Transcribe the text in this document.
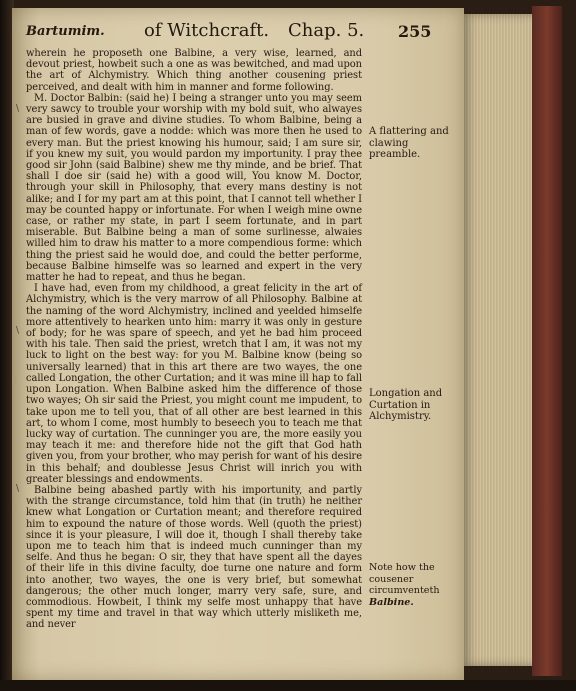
Bartumim. of Witchcraft. Chap. 5. 255
\
\
\

wherein he proposeth one Balbine, a very wise, learned, and devout priest, howbeit such a one as was bewitched, and mad upon the art of Alchymistry. Which thing another cousening priest perceived, and dealt with him in manner and forme following.

M. Doctor Balbin: (said he) I being a stranger unto you may seem very sawcy to trouble your worship with my bold suit, who alwayes are busied in grave and divine studies. To whom Balbine, being a man of few words, gave a nodde: which was more then he used to every man. But the priest knowing his humour, said; I am sure sir, if you knew my suit, you would pardon my importunity. I pray thee good sir John (said Balbine) shew me thy minde, and be brief. That shall I doe sir (said he) with a good will, You know M. Doctor, through your skill in Philosophy, that every mans destiny is not alike; and I for my part am at this point, that I cannot tell whether I may be counted happy or infortunate. For when I weigh mine owne case, or rather my state, in part I seem fortunate, and in part miserable. But Balbine being a man of some surlinesse, alwaies willed him to draw his matter to a more compendious forme: which thing the priest said he would doe, and could the better performe, because Balbine himselfe was so learned and expert in the very matter he had to repeat, and thus he began.

I have had, even from my childhood, a great felicity in the art of Alchymistry, which is the very marrow of all Philosophy. Balbine at the naming of the word Alchymistry, inclined and yeelded himselfe more attentively to hearken unto him: marry it was only in gesture of body; for he was spare of speech, and yet he bad him proceed with his tale. Then said the priest, wretch that I am, it was not my luck to light on the best way: for you M. Balbine know (being so universally learned) that in this art there are two wayes, the one called Longation, the other Curtation; and it was mine ill hap to fall upon Longation. When Balbine asked him the difference of those two wayes; Oh sir said the Priest, you might count me impudent, to take upon me to tell you, that of all other are best learned in this art, to whom I come, most humbly to beseech you to teach me that lucky way of curtation. The cunninger you are, the more easily you may teach it me: and therefore hide not the gift that God hath given you, from your brother, who may perish for want of his desire in this behalf; and doublesse Jesus Christ will inrich you with greater blessings and endowments.

Balbine being abashed partly with his importunity, and partly with the strange circumstance, told him that (in truth) he neither knew what Longation or Curtation meant; and therefore required him to expound the nature of those words. Well (quoth the priest) since it is your pleasure, I will doe it, though I shall thereby take upon me to teach him that is indeed much cunninger than my selfe. And thus he began: O sir, they that have spent all the dayes of their life in this divine faculty, doe turne one nature and form into another, two wayes, the one is very brief, but somewhat dangerous; the other much longer, marry very safe, sure, and commodious. Howbeit, I think my selfe most unhappy that have spent my time and travel in that way which utterly misliketh me, and never

A flattering and clawing preamble.
Longation and Curtation in Alchymistry.
Note how the cousener circumventeth
Balbine.
